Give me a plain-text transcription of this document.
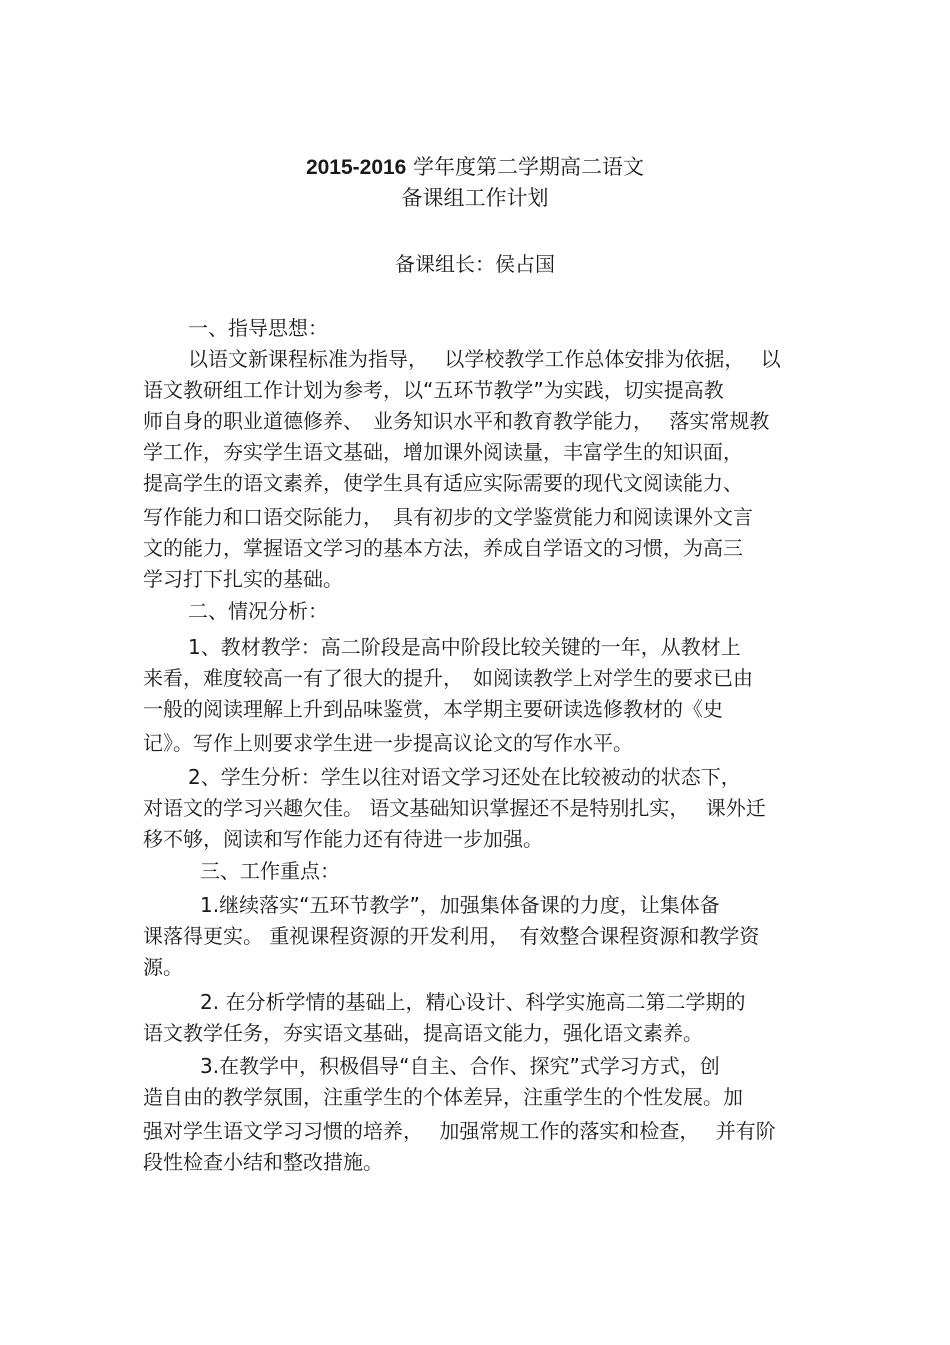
2015-2016 学年度第二学期高二语文
备课组工作计划
备课组长：侯占国
一、指导思想：
以语文新课程标准为指导，　 以学校教学工作总体安排为依据，　 以
语文教研组工作计划为参考，以“五环节教学”为实践，切实提高教
师自身的职业道德修养、　业务知识水平和教育教学能力，　 落实常规教
学工作，夯实学生语文基础，增加课外阅读量，丰富学生的知识面，
提高学生的语文素养，使学生具有适应实际需要的现代文阅读能力、
写作能力和口语交际能力，　具有初步的文学鉴赏能力和阅读课外文言
文的能力，掌握语文学习的基本方法，养成自学语文的习惯，为高三
学习打下扎实的基础。
二、情况分析：
1、教材教学：高二阶段是高中阶段比较关键的一年，从教材上
来看，难度较高一有了很大的提升，　如阅读教学上对学生的要求已由
一般的阅读理解上升到品味鉴赏，本学期主要研读选修教材的《史
记》。写作上则要求学生进一步提高议论文的写作水平。
2、学生分析：学生以往对语文学习还处在比较被动的状态下，
对语文的学习兴趣欠佳。 语文基础知识掌握还不是特别扎实，　 课外迁
移不够，阅读和写作能力还有待进一步加强。
三、工作重点：
1.继续落实“五环节教学”，加强集体备课的力度，让集体备
课落得更实。 重视课程资源的开发利用，　有效整合课程资源和教学资
源。
2. 在分析学情的基础上，精心设计、科学实施高二第二学期的
语文教学任务，夯实语文基础，提高语文能力，强化语文素养。
3.在教学中，积极倡导“自主、合作、探究”式学习方式，创
造自由的教学氛围，注重学生的个体差异，注重学生的个性发展。加
强对学生语文学习习惯的培养，　 加强常规工作的落实和检查，　 并有阶
段性检查小结和整改措施。
